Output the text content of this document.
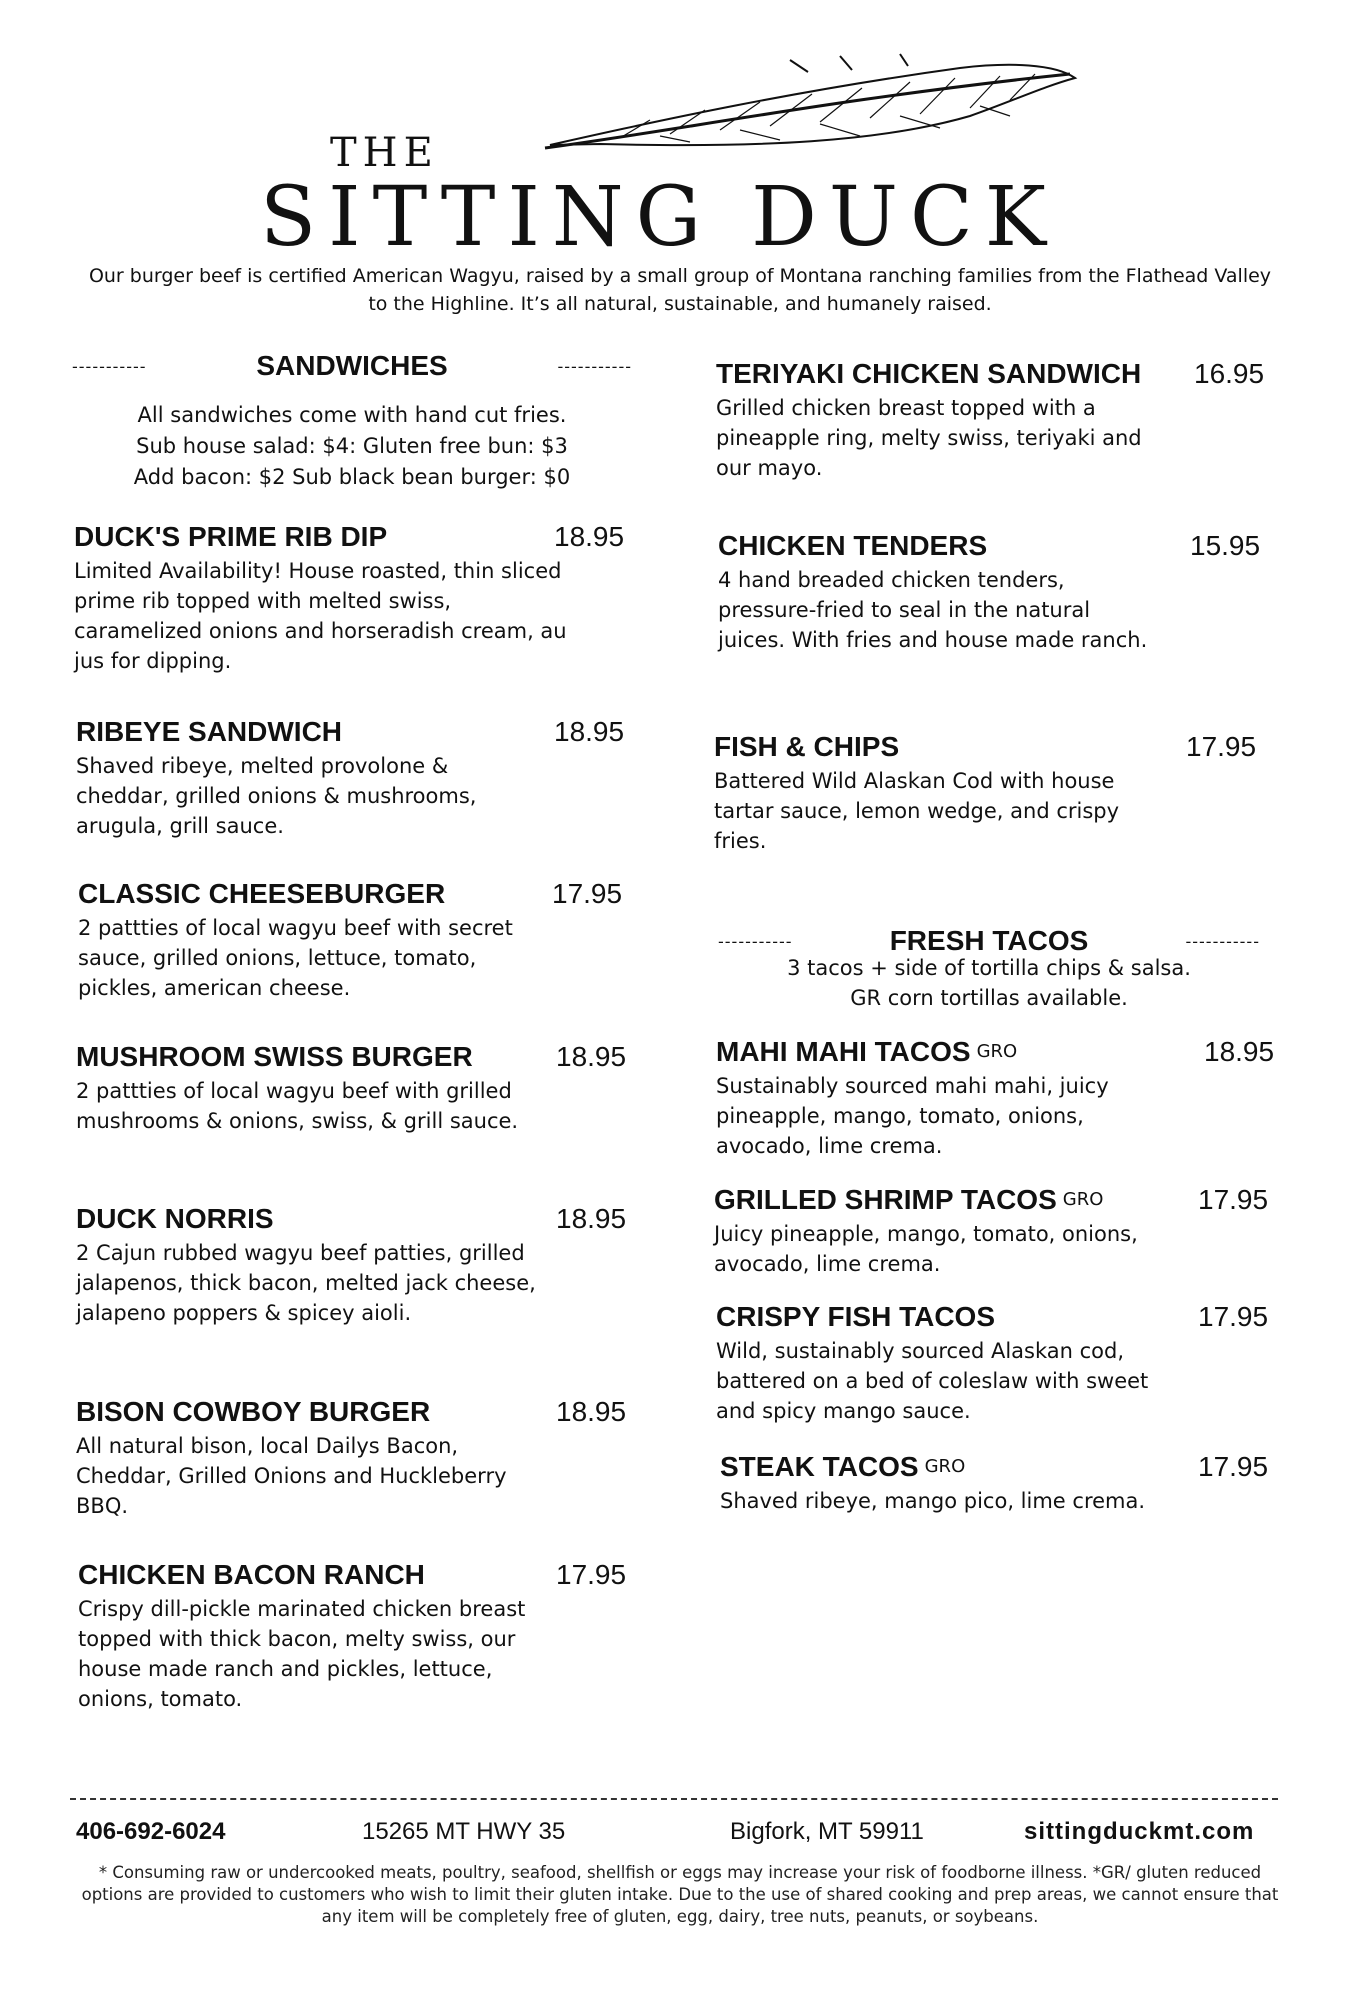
THE
SITTING DUCK
Our burger beef is certified American Wagyu, raised by a small group of Montana ranching families from the Flathead Valley to the Highline. It’s all natural, sustainable, and humanely raised.
-----------	SANDWICHES	-----------
All sandwiches come with hand cut fries.
Sub house salad: $4: Gluten free bun: $3
Add bacon: $2 Sub black bean burger: $0
DUCK'S PRIME RIB DIP	18.95
Limited Availability! House roasted, thin sliced prime rib topped with melted swiss, caramelized onions and horseradish cream, au jus for dipping.
RIBEYE SANDWICH	18.95
Shaved ribeye, melted provolone & cheddar, grilled onions & mushrooms, arugula, grill sauce.
CLASSIC CHEESEBURGER	17.95
2 pattties of local wagyu beef with secret sauce, grilled onions, lettuce, tomato, pickles, american cheese.
MUSHROOM SWISS BURGER	18.95
2 pattties of local wagyu beef with grilled mushrooms & onions, swiss, & grill sauce.
DUCK NORRIS	18.95
2 Cajun rubbed wagyu beef patties, grilled jalapenos, thick bacon, melted jack cheese, jalapeno poppers & spicey aioli.
BISON COWBOY BURGER	18.95
All natural bison, local Dailys Bacon, Cheddar, Grilled Onions and Huckleberry BBQ.
CHICKEN BACON RANCH	17.95
Crispy dill-pickle marinated chicken breast topped with thick bacon, melty swiss, our house made ranch and pickles, lettuce, onions, tomato.
TERIYAKI CHICKEN SANDWICH	16.95
Grilled chicken breast topped with a pineapple ring, melty swiss, teriyaki and our mayo.
CHICKEN TENDERS	15.95
4 hand breaded chicken tenders, pressure-fried to seal in the natural juices. With fries and house made ranch.
FISH & CHIPS	17.95
Battered Wild Alaskan Cod with house tartar sauce, lemon wedge, and crispy fries.
-----------	FRESH TACOS	-----------
3 tacos + side of tortilla chips & salsa.
GR corn tortillas available.
MAHI MAHI TACOS GRO	18.95
Sustainably sourced mahi mahi, juicy pineapple, mango, tomato, onions, avocado, lime crema.
GRILLED SHRIMP TACOS GRO	17.95
Juicy pineapple, mango, tomato, onions, avocado, lime crema.
CRISPY FISH TACOS	17.95
Wild, sustainably sourced Alaskan cod, battered on a bed of coleslaw with sweet and spicy mango sauce.
STEAK TACOS GRO	17.95
Shaved ribeye, mango pico, lime crema.
406-692-6024	15265 MT HWY 35	Bigfork, MT 59911	sittingduckmt.com
* Consuming raw or undercooked meats, poultry, seafood, shellfish or eggs may increase your risk of foodborne illness. *GR/ gluten reduced options are provided to customers who wish to limit their gluten intake. Due to the use of shared cooking and prep areas, we cannot ensure that any item will be completely free of gluten, egg, dairy, tree nuts, peanuts, or soybeans.
